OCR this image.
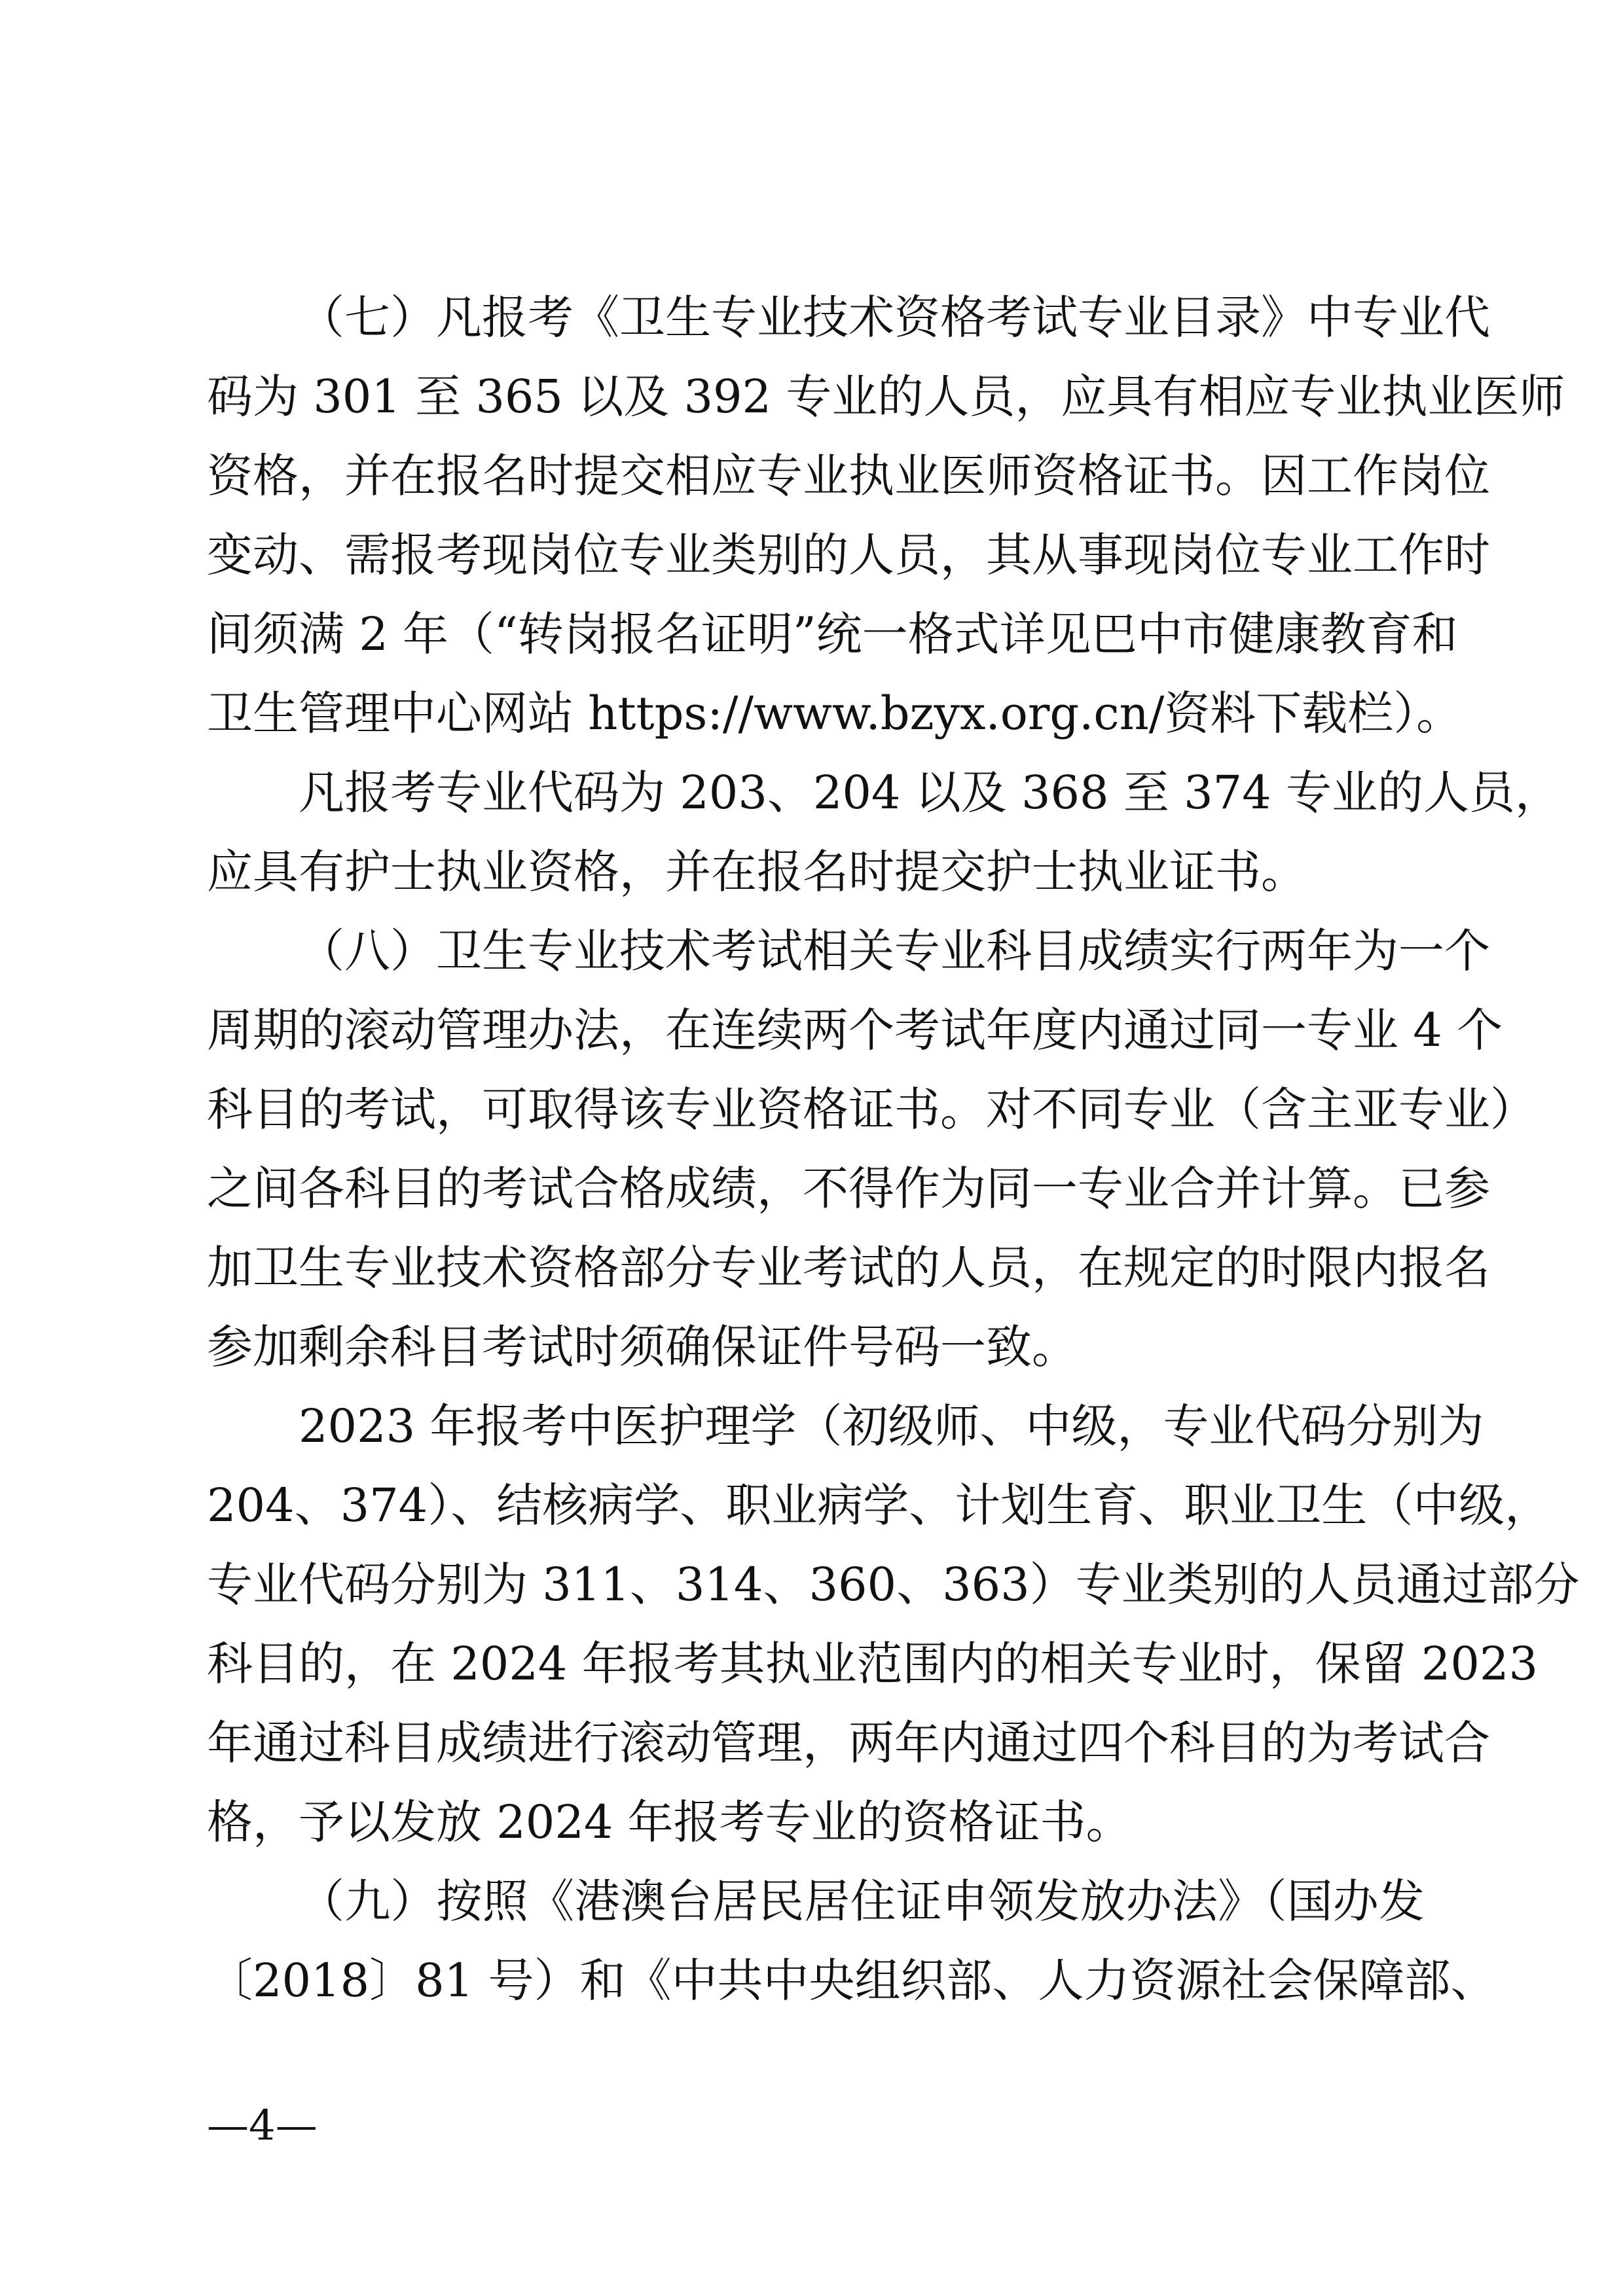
（七）凡报考《卫生专业技术资格考试专业目录》中专业代
码为 301 至 365 以及 392 专业的人员，应具有相应专业执业医师
资格，并在报名时提交相应专业执业医师资格证书。因工作岗位
变动、需报考现岗位专业类别的人员，其从事现岗位专业工作时
间须满 2 年（“转岗报名证明”统一格式详见巴中市健康教育和
卫生管理中心网站 https://www.bzyx.org.cn/资料下载栏）。
凡报考专业代码为 203、204 以及 368 至 374 专业的人员，
应具有护士执业资格，并在报名时提交护士执业证书。
（八）卫生专业技术考试相关专业科目成绩实行两年为一个
周期的滚动管理办法，在连续两个考试年度内通过同一专业 4 个
科目的考试，可取得该专业资格证书。对不同专业（含主亚专业）
之间各科目的考试合格成绩，不得作为同一专业合并计算。已参
加卫生专业技术资格部分专业考试的人员，在规定的时限内报名
参加剩余科目考试时须确保证件号码一致。
2023 年报考中医护理学（初级师、中级，专业代码分别为
204、374）、结核病学、职业病学、计划生育、职业卫生（中级，
专业代码分别为 311、314、360、363）专业类别的人员通过部分
科目的，在 2024 年报考其执业范围内的相关专业时，保留 2023
年通过科目成绩进行滚动管理，两年内通过四个科目的为考试合
格，予以发放 2024 年报考专业的资格证书。
（九）按照《港澳台居民居住证申领发放办法》（国办发
〔2018〕81 号）和《中共中央组织部、人力资源社会保障部、
—4—
